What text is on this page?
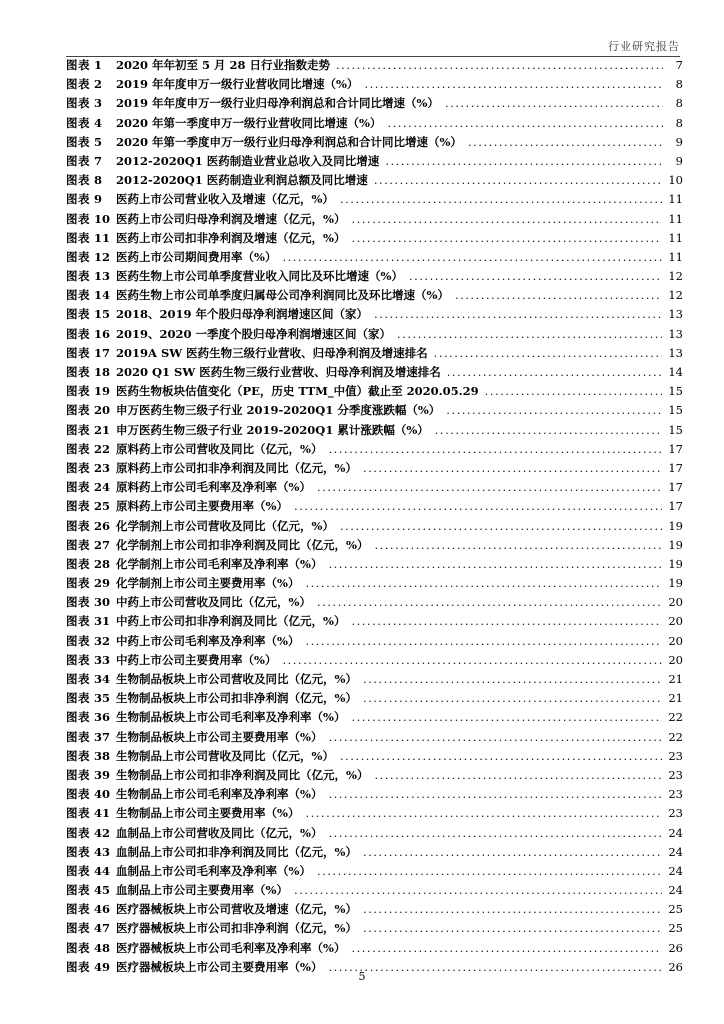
行业研究报告
图表 1	2020 年年初至 5 月 28 日行业指数走势 .....	7
图表 2	2019 年年度申万一级行业营收同比增速（%） .....	8
图表 3	2019 年年度申万一级行业归母净利润总和合计同比增速（%） .....	8
图表 4	2020 年第一季度申万一级行业营收同比增速（%） .....	8
图表 5	2020 年第一季度申万一级行业归母净利润总和合计同比增速（%） .....	9
图表 7	2012-2020Q1 医药制造业营业总收入及同比增速 .....	9
图表 8	2012-2020Q1 医药制造业利润总额及同比增速 .....	10
图表 9	医药上市公司营业收入及增速（亿元，%） .....	11
图表 10 医药上市公司归母净利润及增速（亿元，%） .....	11
图表 11 医药上市公司扣非净利润及增速（亿元，%） .....	11
图表 12 医药上市公司期间费用率（%） .....	11
图表 13 医药生物上市公司单季度营业收入同比及环比增速（%） .....	12
图表 14 医药生物上市公司单季度归属母公司净利润同比及环比增速（%） .....	12
图表 15 2018、2019 年个股归母净利润增速区间（家） .....	13
图表 16 2019、2020 一季度个股归母净利润增速区间（家） .....	13
图表 17 2019A SW 医药生物三级行业营收、归母净利润及增速排名 .....	13
图表 18 2020 Q1 SW 医药生物三级行业营收、归母净利润及增速排名 .....	14
图表 19 医药生物板块估值变化（PE，历史 TTM_中值）截止至 2020.05.29 .....	15
图表 20 申万医药生物三级子行业 2019-2020Q1 分季度涨跌幅（%） .....	15
图表 21 申万医药生物三级子行业 2019-2020Q1 累计涨跌幅（%） .....	15
图表 22 原料药上市公司营收及同比（亿元，%） .....	17
图表 23 原料药上市公司扣非净利润及同比（亿元，%） .....	17
图表 24 原料药上市公司毛利率及净利率（%） .....	17
图表 25 原料药上市公司主要费用率（%） .....	17
图表 26 化学制剂上市公司营收及同比（亿元，%） .....	19
图表 27 化学制剂上市公司扣非净利润及同比（亿元，%） .....	19
图表 28 化学制剂上市公司毛利率及净利率（%） .....	19
图表 29 化学制剂上市公司主要费用率（%） .....	19
图表 30 中药上市公司营收及同比（亿元，%） .....	20
图表 31 中药上市公司扣非净利润及同比（亿元，%） .....	20
图表 32 中药上市公司毛利率及净利率（%） .....	20
图表 33 中药上市公司主要费用率（%） .....	20
图表 34 生物制品板块上市公司营收及同比（亿元，%） .....	21
图表 35 生物制品板块上市公司扣非净利润（亿元，%） .....	21
图表 36 生物制品板块上市公司毛利率及净利率（%） .....	22
图表 37 生物制品板块上市公司主要费用率（%） .....	22
图表 38 生物制品上市公司营收及同比（亿元，%） .....	23
图表 39 生物制品上市公司扣非净利润及同比（亿元，%） .....	23
图表 40 生物制品上市公司毛利率及净利率（%） .....	23
图表 41 生物制品上市公司主要费用率（%） .....	23
图表 42 血制品上市公司营收及同比（亿元，%） .....	24
图表 43 血制品上市公司扣非净利润及同比（亿元，%） .....	24
图表 44 血制品上市公司毛利率及净利率（%） .....	24
图表 45 血制品上市公司主要费用率（%） .....	24
图表 46 医疗器械板块上市公司营收及增速（亿元，%） .....	25
图表 47 医疗器械板块上市公司扣非净利润（亿元，%） .....	25
图表 48 医疗器械板块上市公司毛利率及净利率（%） .....	26
图表 49 医疗器械板块上市公司主要费用率（%） .....	26
5
